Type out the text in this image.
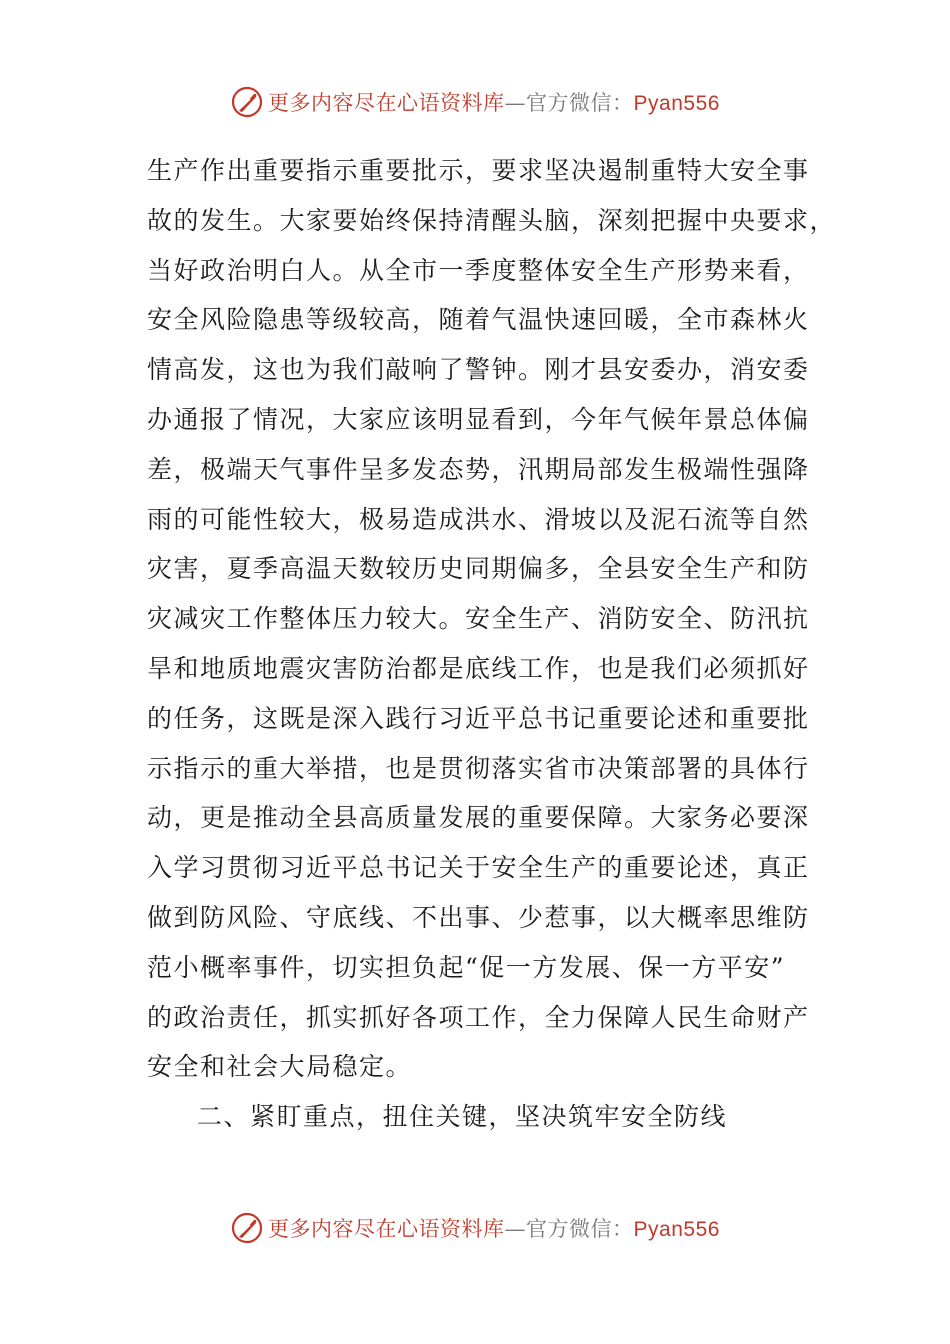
更多内容尽在心语资料库—官方微信：Pyan556
生产作出重要指示重要批示，要求坚决遏制重特大安全事
故的发生。大家要始终保持清醒头脑，深刻把握中央要求，
当好政治明白人。从全市一季度整体安全生产形势来看，
安全风险隐患等级较高，随着气温快速回暖，全市森林火
情高发，这也为我们敲响了警钟。刚才县安委办，消安委
办通报了情况，大家应该明显看到，今年气候年景总体偏
差，极端天气事件呈多发态势，汛期局部发生极端性强降
雨的可能性较大，极易造成洪水、滑坡以及泥石流等自然
灾害，夏季高温天数较历史同期偏多，全县安全生产和防
灾减灾工作整体压力较大。安全生产、消防安全、防汛抗
旱和地质地震灾害防治都是底线工作，也是我们必须抓好
的任务，这既是深入践行习近平总书记重要论述和重要批
示指示的重大举措，也是贯彻落实省市决策部署的具体行
动，更是推动全县高质量发展的重要保障。大家务必要深
入学习贯彻习近平总书记关于安全生产的重要论述，真正
做到防风险、守底线、不出事、少惹事，以大概率思维防
范小概率事件，切实担负起“促一方发展、保一方平安”
的政治责任，抓实抓好各项工作，全力保障人民生命财产
安全和社会大局稳定。
二、紧盯重点，扭住关键，坚决筑牢安全防线
更多内容尽在心语资料库—官方微信：Pyan556
